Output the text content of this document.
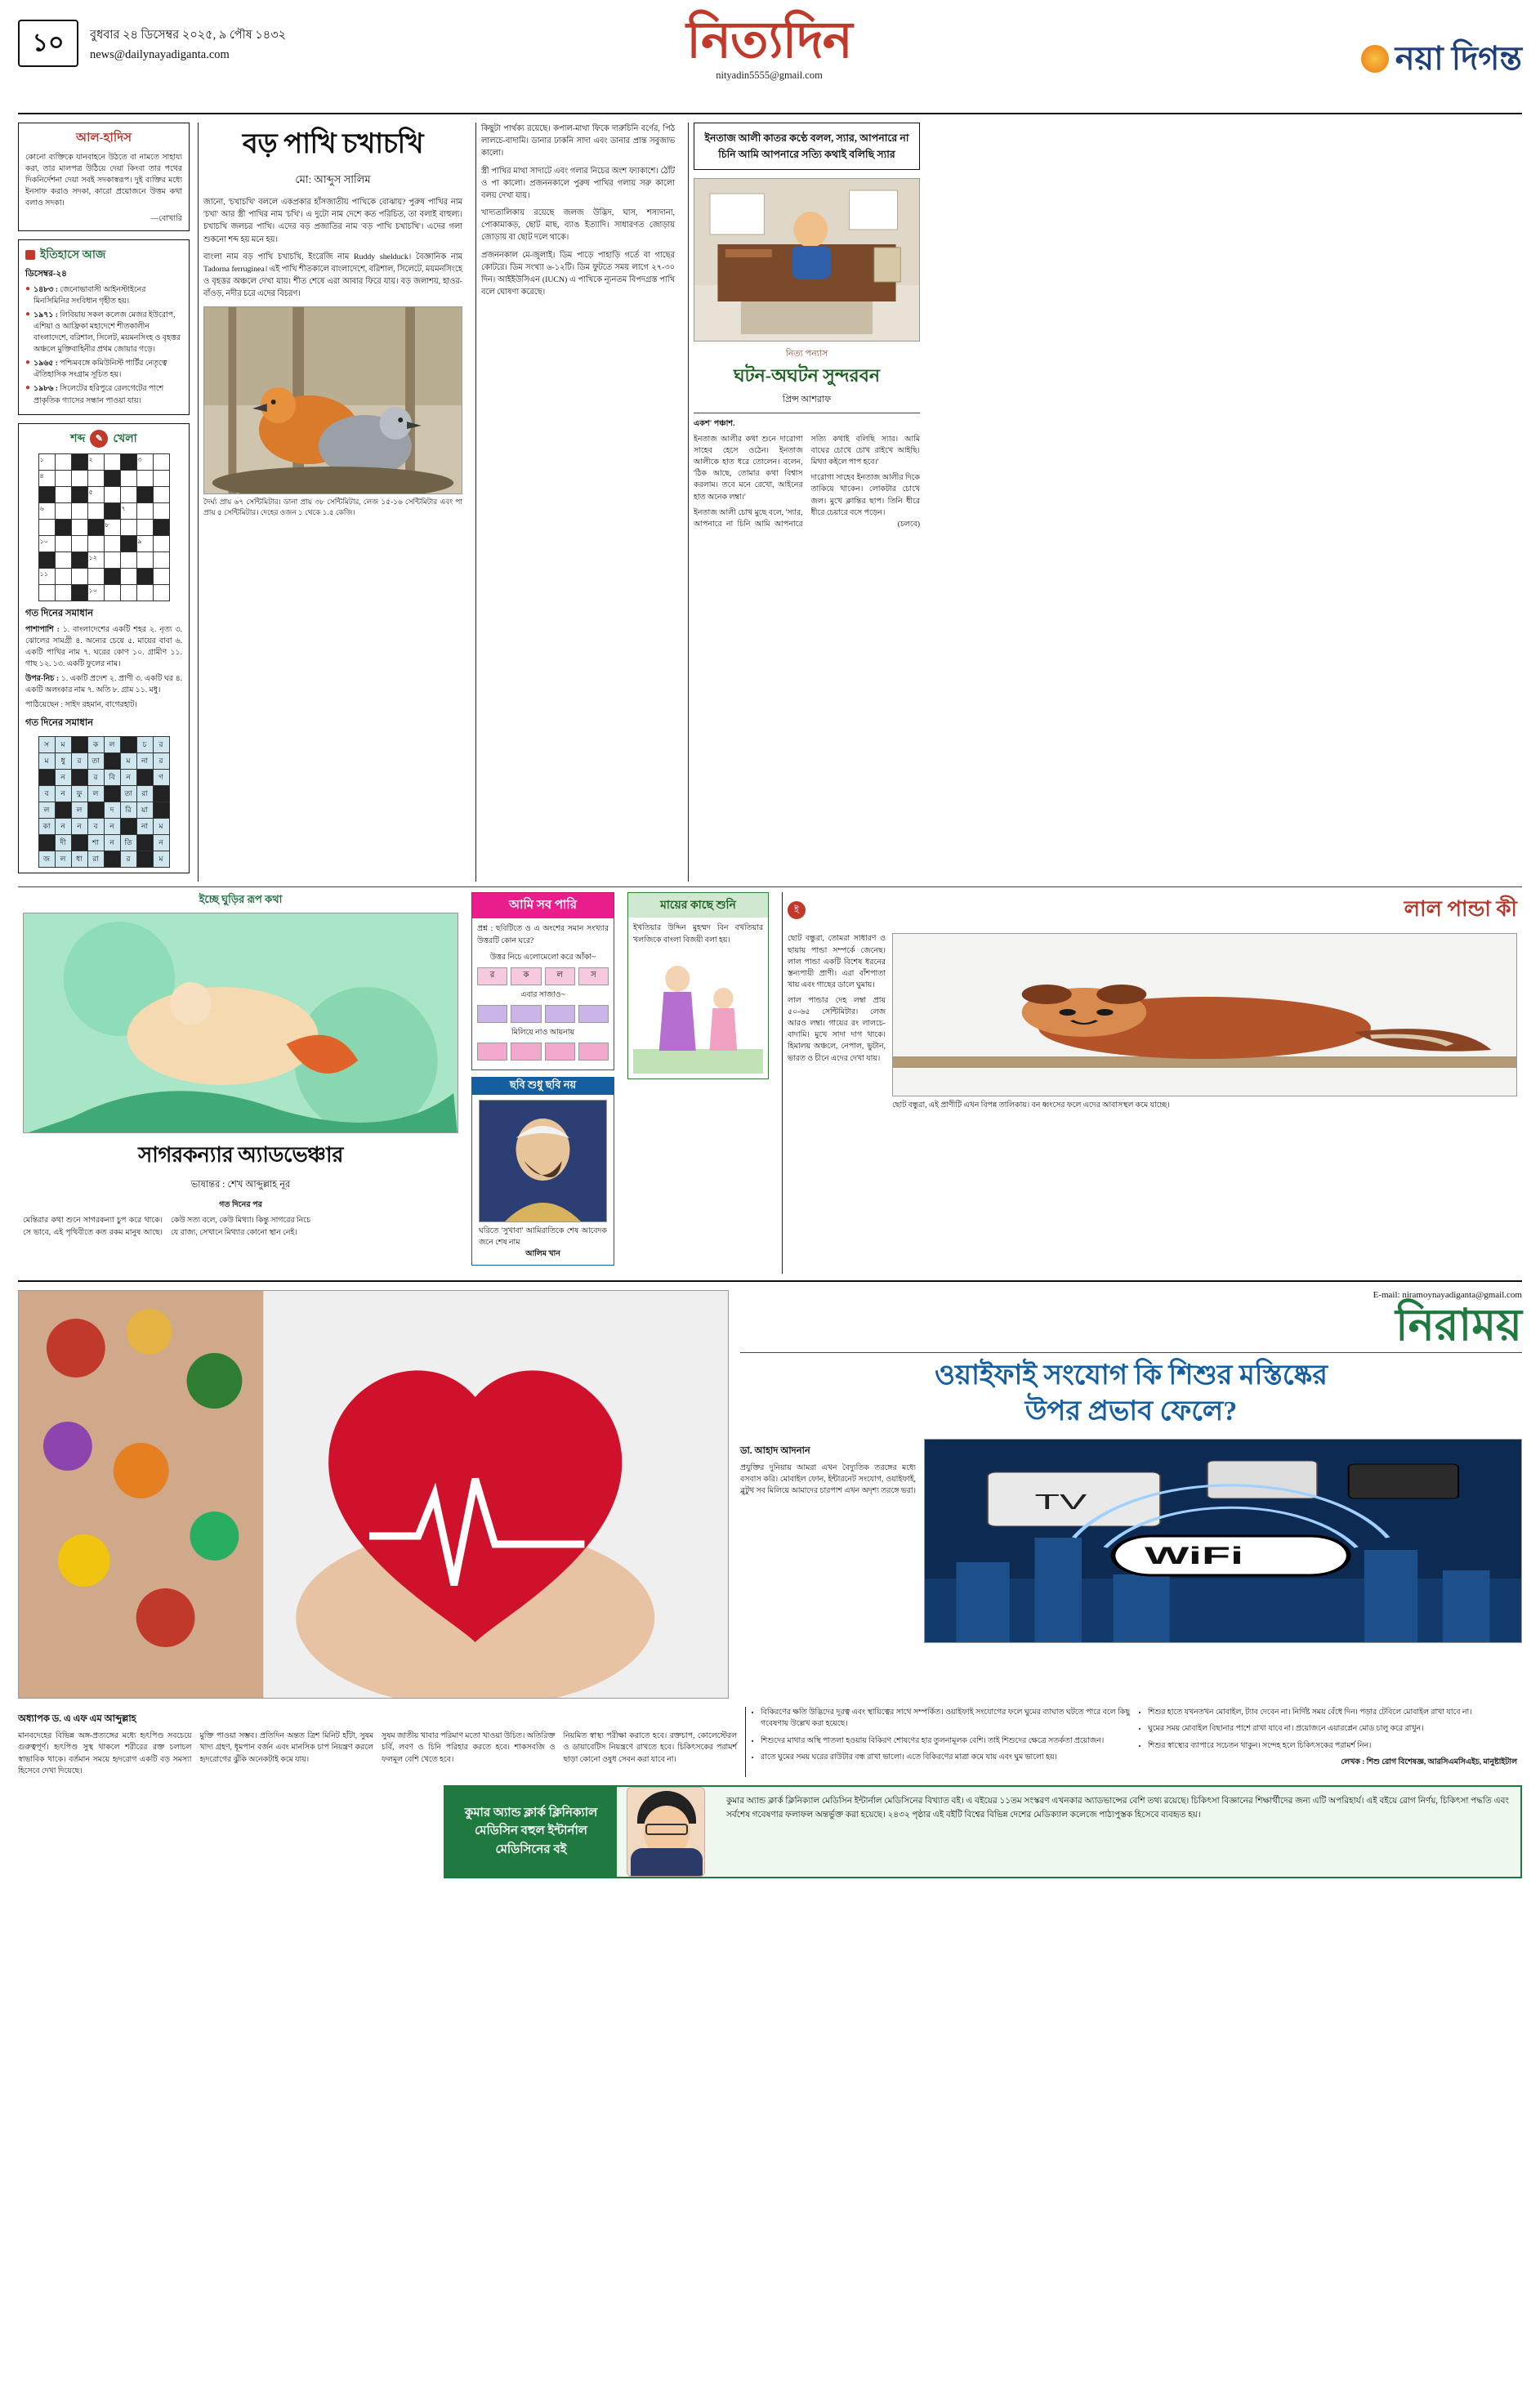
১০	বুধবার ২৪ ডিসেম্বর ২০২৫, ৯ পৌষ ১৪৩২
news@dailynayadiganta.com	নিত্যদিন
nityadin5555@gmail.com	নয়া দিগন্ত
আল-হাদিস
কোনো ব্যক্তিকে যানবাহনে উঠতে বা নামতে সাহায্য করা, তার মালপত্র উঠিয়ে দেয়া কিংবা তার পথের দিকনির্দেশনা দেয়া সবই সদকাস্বরূপ। দুই ব্যক্তির মধ্যে ইনসাফ করাও সদকা, কারো প্রয়োজনে উত্তম কথা বলাও সদকা।
—বোখারি
ইতিহাসে আজ
ডিসেম্বর-২৪
● ১৪৮৩ : জেনোভাবাসী আইনস্টাইনের মিনসিমিনির সংবিধান গৃহীত হয়।
● ১৯৭১ : লিবিয়ায় সকল কলেজ মেজর ইউরোপ, এশিয়া ও আফ্রিকা মহাদেশে শীতকালীন বাংলাদেশে, বরিশাল, সিলেট, ময়মনসিংহ ও বৃহত্তর অঞ্চলে মুক্তিবাহিনীর প্রথম জোয়ার গড়ে।
● ১৯৬৫ : পশ্চিমবঙ্গে কমিউনিস্ট পার্টির নেতৃত্বে ঐতিহাসিক সংগ্রাম সূচিত হয়।
● ১৯৮৬ : সিলেটের হরিপুরে রেলগেটের পাশে প্রাকৃতিক গ্যাসের সন্ধান পাওয়া যায়।
শব্দ	✎ খেলা
১			২			৩	
৪							
			৫				
৬					৭		
				৮			
১০						৯	
			১২				
১১							
			১০				
গত দিনের সমাধান
পাশাপাশি : ১. বাংলাদেশের একটি শহর ২. নৃত্য ৩. ঝোলের সামগ্রী ৪. অন্যের চেয়ে ৫. মায়ের বাবা ৬. একটি পাখির নাম ৭. ঘরের কোণ ১০. গ্রামীণ ১১. গাছ ১২. ১৩. একটি ফুলের নাম।
উপর-নিচ : ১. একটি প্রদেশ ২. প্রাণী ৩. একটি ঘর ৪. একটি অলংকার নাম ৭. অতি ৮. গ্রাম ১১. মধু।
পাঠিয়েছেন : সাইদ রহমান, বাগেরহাট।
গত দিনের সমাধান
স	ম		ক	ল		চ	র
ম	ধু	র	তা		ম	না	র
	ন		র	বি	ন		ণ
ব	ন	ফু	ল		তা	রা	
ল		ল		দ	রি	য়া	
কা	ন	ন	ব	ন		না	ম
	দী		শা	ন	তি		ন
জ	ল	ধা	রা		র		ম
বড় পাখি চখাচখি
মো: আব্দুস সালিম
জানো, 'চখাচখি' বললে একপ্রকার হাঁসজাতীয় পাখিকে বোঝায়? পুরুষ পাখির নাম 'চখা' আর স্ত্রী পাখির নাম 'চখি'। এ দুটো নাম দেশে কত পরিচিত, তা বলাই বাহুল্য। চখাচখি জলচর পাখি। এদের বড় প্রজাতির নাম 'বড় পাখি চখাচখি'। এদের গলা শুকনো শব্দ হয় মনে হয়।
বাংলা নাম বড় পাখি চখাচখি, ইংরেজি নাম Ruddy shelduck। বৈজ্ঞানিক নাম Tadorna ferruginea। এই পাখি শীতকালে বাংলাদেশে, বরিশাল, সিলেটে, ময়মনসিংহে ও বৃহত্তর অঞ্চলে দেখা যায়। শীত শেষে এরা আবার ফিরে যায়। বড় জলাশয়, হাওর-বাঁওড়, নদীর চরে এদের বিচরণ।
দৈর্ঘ্য প্রায় ৬৭ সেন্টিমিটার। ডানা প্রায় ৩৮ সেন্টিমিটার, লেজ ১৫-১৬ সেন্টিমিটার এবং পা প্রায় ৫ সেন্টিমিটার। দেহের ওজন ১ থেকে ১.৫ কেজি।
কিছুটা পার্থক্য রয়েছে। কপাল-মাথা ফিকে দারুচিনি বর্ণের, পিঠ লালচে-বাদামি। ডানার ঢাকনি সাদা এবং ডানার প্রান্ত সবুজাভ কালো।
স্ত্রী পাখির মাথা সাদাটে এবং গলার নিচের অংশ ফ্যাকাশে। ঠোঁট ও পা কালো। প্রজননকালে পুরুষ পাখির গলায় সরু কালো বলয় দেখা যায়।
খাদ্যতালিকায় রয়েছে জলজ উদ্ভিদ, ঘাস, শস্যদানা, পোকামাকড়, ছোট মাছ, ব্যাঙ ইত্যাদি। সাধারণত জোড়ায় জোড়ায় বা ছোট দলে থাকে।
প্রজননকাল মে-জুলাই। ডিম পাড়ে পাহাড়ি গর্তে বা গাছের কোটরে। ডিম সংখ্যা ৬-১২টি। ডিম ফুটতে সময় লাগে ২৭-৩০ দিন। আইইউসিএন (IUCN) এ পাখিকে ন্যূনতম বিপদগ্রস্ত পাখি বলে ঘোষণা করেছে।
ইনতাজ আলী কাতর কণ্ঠে বলল, স্যার, আপনারে না চিনি আমি আপনারে সত্যি কথাই বলিছি স্যার
নিত্য পন্যাস
ঘটন-অঘটন সুন্দরবন
প্রিন্স আশরাফ
একশ' পঞ্চাশ.
ইনতাজ আলীর কথা শুনে দারোগা সাহেব হেসে ওঠেন। ইনতাজ আলীকে হাত ধরে তোলেন। বলেন, 'ঠিক আছে, তোমার কথা বিশ্বাস করলাম। তবে মনে রেখো, আইনের হাত অনেক লম্বা।'
ইনতাজ আলী চোখ মুছে বলে, 'স্যার, আপনারে না চিনি আমি আপনারে সত্যি কথাই বলিছি স্যার। আমি বাঘের চোখে চোখ রাইখে আইছি। মিথ্যা কইলে পাপ হবে।'
দারোগা সাহেব ইনতাজ আলীর দিকে তাকিয়ে থাকেন। লোকটার চোখে জল। মুখে ক্লান্তির ছাপ। তিনি ধীরে ধীরে চেয়ারে বসে পড়েন।
(চলবে)
ইচ্ছে ঘুড়ির রূপ কথা
সাগরকন্যার অ্যাডভেঞ্চার
ভাষান্তর : শেখ আব্দুল্লাহ নূর
গত দিনের পর
মেন্তিরার কথা শুনে সাগরকন্যা চুপ করে থাকে। সে ভাবে, এই পৃথিবীতে কত রকম মানুষ আছে। কেউ সত্য বলে, কেউ মিথ্যা। কিন্তু সাগরের নিচে যে রাজ্য, সেখানে মিথ্যার কোনো স্থান নেই।
আমি সব পারি
প্রশ্ন : ছবিটিতে ও এ অংশের সমান সংখ্যার উত্তরটি কোন ঘরে?
উত্তর নিচে এলোমেলো করে আঁকা~
র	ক	ল	স
এবার সাজাও~
মিলিয়ে নাও আয়নায়
ছবি শুধু ছবি নয়
ঘরিতে 'সুখাবা' আমিরাতিকে শেষ আবেদক জনে শেষ নাম
আলিম খান
মায়ের কাছে শুনি
ইখতিয়ার উদ্দিন মুহম্মদ বিন বখতিয়ার খলজিকে বাংলা বিজয়ী বলা হয়।
ই	লাল পান্ডা কী
ছোট বন্ধুরা, তোমরা সাধারণ ও ছায়ায় পান্ডা সম্পর্কে জেনেছ। লাল পান্ডা একটি বিশেষ ধরনের স্তন্যপায়ী প্রাণী। এরা বাঁশপাতা খায় এবং গাছের ডালে ঘুমায়।
লাল পান্ডার দেহ লম্বা প্রায় ৫০-৬৫ সেন্টিমিটার। লেজ আরও লম্বা। গায়ের রং লালচে-বাদামি। মুখে সাদা দাগ থাকে। হিমালয় অঞ্চলে, নেপাল, ভুটান, ভারত ও চীনে এদের দেখা যায়।
ছোট বন্ধুরা, এই প্রাণীটি এখন বিপন্ন তালিকায়। বন ধ্বংসের ফলে এদের আবাসস্থল কমে যাচ্ছে।
E-mail: niramoynayadiganta@gmail.com
নিরাময়
ওয়াইফাই সংযোগ কি শিশুর মস্তিষ্কের
উপর প্রভাব ফেলে?
ডা. আহাদ আদনান
প্রযুক্তির দুনিয়ায় আমরা এখন বৈদ্যুতিক তরঙ্গের মধ্যে বসবাস করি। মোবাইল ফোন, ইন্টারনেট সংযোগ, ওয়াইফাই, ব্লুটুথ সব মিলিয়ে আমাদের চারপাশ এখন অদৃশ্য তরঙ্গে ভরা।	TV
WiFi
অধ্যাপক ড. এ এফ এম আব্দুল্লাহ
মানবদেহের বিভিন্ন অঙ্গ-প্রত্যঙ্গের মধ্যে হৃৎপিণ্ড সবচেয়ে গুরুত্বপূর্ণ। হৃৎপিণ্ড সুস্থ থাকলে শরীরের রক্ত চলাচল স্বাভাবিক থাকে। বর্তমান সময়ে হৃদরোগ একটি বড় সমস্যা হিসেবে দেখা দিয়েছে।
মুক্তি পাওয়া সম্ভব। প্রতিদিন অন্তত ত্রিশ মিনিট হাঁটা, সুষম খাদ্য গ্রহণ, ধূমপান বর্জন এবং মানসিক চাপ নিয়ন্ত্রণ করলে হৃদরোগের ঝুঁকি অনেকটাই কমে যায়।
সুষম জাতীয় খাবার পরিমাণ মতো খাওয়া উচিত। অতিরিক্ত চর্বি, লবণ ও চিনি পরিহার করতে হবে। শাকসবজি ও ফলমূল বেশি খেতে হবে।
নিয়মিত স্বাস্থ্য পরীক্ষা করাতে হবে। রক্তচাপ, কোলেস্টেরল ও ডায়াবেটিস নিয়ন্ত্রণে রাখতে হবে। চিকিৎসকের পরামর্শ ছাড়া কোনো ওষুধ সেবন করা যাবে না।
• বিকিরণের ক্ষতি উদ্ভিদের দূরত্ব এবং স্থায়িত্বের সাথে সম্পর্কিত। ওয়াইফাই সংযোগের ফলে ঘুমের ব্যাঘাত ঘটতে পারে বলে কিছু গবেষণায় উল্লেখ করা হয়েছে।
• শিশুদের মাথার অস্থি পাতলা হওয়ায় বিকিরণ শোষণের হার তুলনামূলক বেশি। তাই শিশুদের ক্ষেত্রে সতর্কতা প্রয়োজন।
• রাতে ঘুমের সময় ঘরের রাউটার বন্ধ রাখা ভালো। এতে বিকিরণের মাত্রা কমে যায় এবং ঘুম ভালো হয়।
• শিশুর হাতে যখনতখন মোবাইল, ট্যাব দেবেন না। নির্দিষ্ট সময় বেঁধে দিন। পড়ার টেবিলে মোবাইল রাখা যাবে না।
• ঘুমের সময় মোবাইল বিছানার পাশে রাখা যাবে না। প্রয়োজনে এয়ারপ্লেন মোড চালু করে রাখুন।
• শিশুর স্বাস্থ্যের ব্যাপারে সচেতন থাকুন। সন্দেহ হলে চিকিৎসকের পরামর্শ নিন।
লেখক : শিশু রোগ বিশেষজ্ঞ, আরসিএমসিএইচ, মানুষ্টাইটাল
কুমার অ্যান্ড ক্লার্ক ক্লিনিক্যাল মেডিসিন বহুল ইন্টার্নাল মেডিসিনের বই
কুমার অ্যান্ড ক্লার্ক ক্লিনিক্যাল মেডিসিন ইন্টার্নাল মেডিসিনের বিখ্যাত বই। এ বইয়ের ১১তম সংস্করণ এখনকার অ্যাডভান্সের বেশি তথ্য রয়েছে। চিকিৎসা বিজ্ঞানের শিক্ষার্থীদের জন্য এটি অপরিহার্য। এই বইয়ে রোগ নির্ণয়, চিকিৎসা পদ্ধতি এবং সর্বশেষ গবেষণার ফলাফল অন্তর্ভুক্ত করা হয়েছে। ২৪৩২ পৃষ্ঠার এই বইটি বিশ্বের বিভিন্ন দেশের মেডিক্যাল কলেজে পাঠ্যপুস্তক হিসেবে ব্যবহৃত হয়।
